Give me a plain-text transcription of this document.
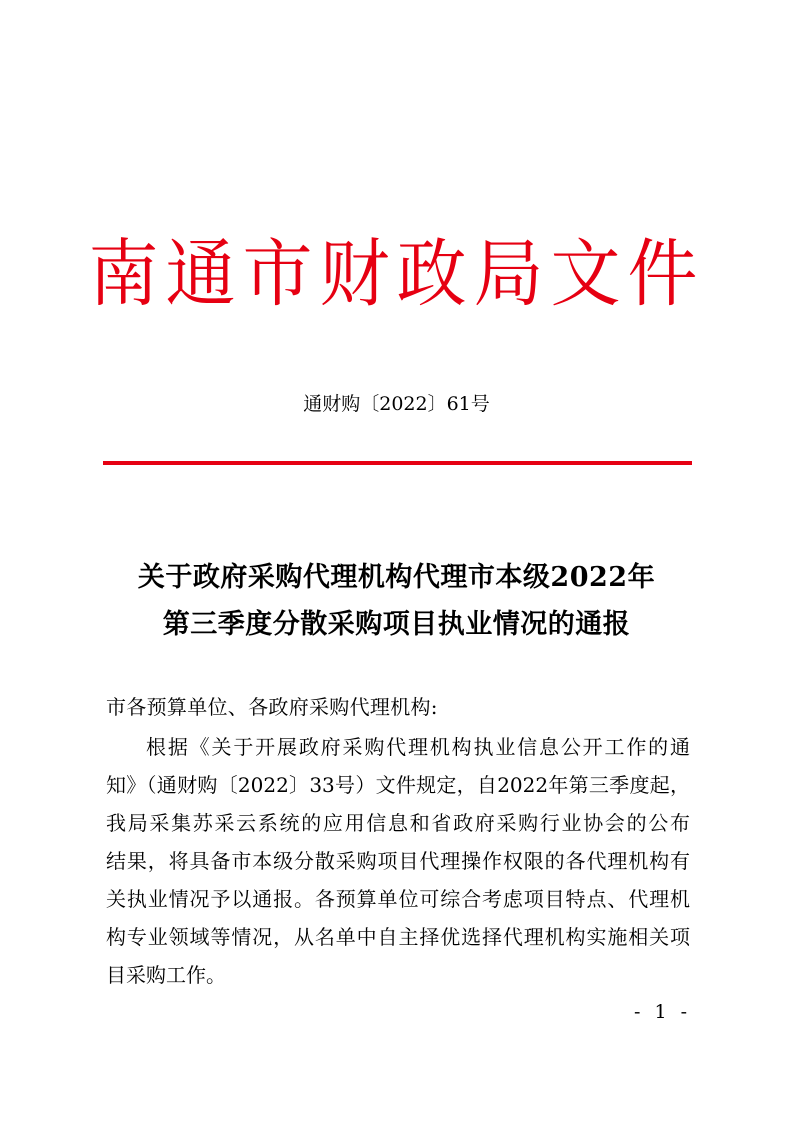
南通市财政局文件
通财购〔2022〕61号
关于政府采购代理机构代理市本级2022年
第三季度分散采购项目执业情况的通报
市各预算单位、各政府采购代理机构:
根据《关于开展政府采购代理机构执业信息公开工作的通
知》（通财购〔2022〕33号）文件规定，自2022年第三季度起，
我局采集苏采云系统的应用信息和省政府采购行业协会的公布
结果，将具备市本级分散采购项目代理操作权限的各代理机构有
关执业情况予以通报。各预算单位可综合考虑项目特点、代理机
构专业领域等情况，从名单中自主择优选择代理机构实施相关项
目采购工作。
- 1 -
